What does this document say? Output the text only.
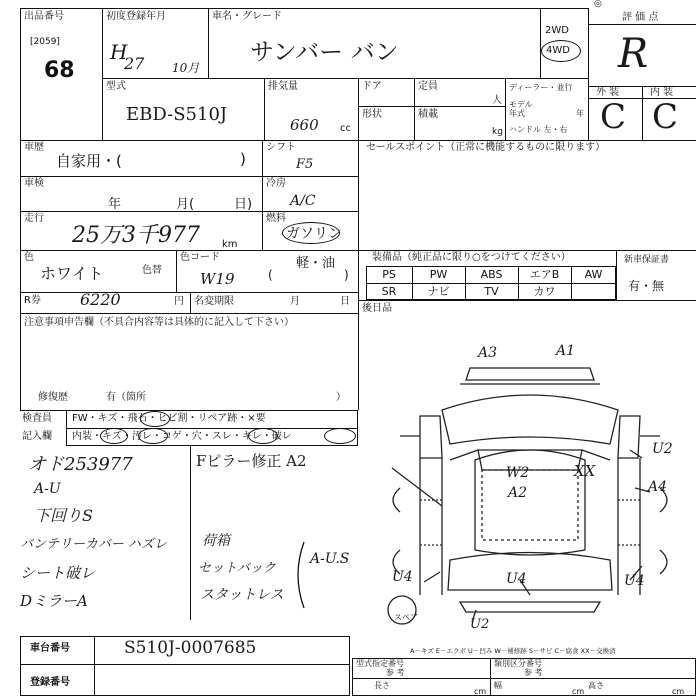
出品番号
[2059]
68
初度登録年月
H
27 10月
車名・グレード
サンバー バン
2WD
4WD
◎
評 価 点
R
型式
EBD-S510J
排気量
660 cc
ドア	定員
人
形状	積載
kg
ディーラー・並行
モデル年式	年
ハンドル 左・右
外 装	内 装
C C
車歴
自家用・(	)
シフト
F5
車検
年	月(	日)
冷房
A/C
走行
25万3千977 km
燃料
ガソリン
(
軽・油
)
色
ホワイト	色替
色コード
W19
R券 6220	円 名変期限	月	日
注意事項申告欄（不具合内容等は具体的に記入して下さい）
修復歴	有（箇所	）
検査員
記入欄
FW・キズ・飛石・ヒビ割・リペア跡・×要
内装・キズ・汚レ・コゲ・穴・スレ・キレ・破レ
オド253977
A-U
下回りS
バンテリーカバー ハズレ
シート破レ
DミラーA
Fピラー修正 A2
荷箱
セットバック
スタットレス
A-U.S
セールスポイント（正常に機能するものに限ります）
装備品（純正品に限り○をつけてください）
PS	PW	ABS	エアB	AW
SR	ナビ	TV	カワ
新車保証書
有・無
後日品
A3	A1
U2
A4
W2
A2
XX
U4	U4	U4
U2
スペア
A－キズ E－エクボ U－凹み W－補修跡 S－サビ C－腐食 XX－交換済
車台番号	S510J-0007685
登録番号
型式指定番号
参 考
類別区分番号
参 考
長さ
cm
幅
cm
高さ
cm
